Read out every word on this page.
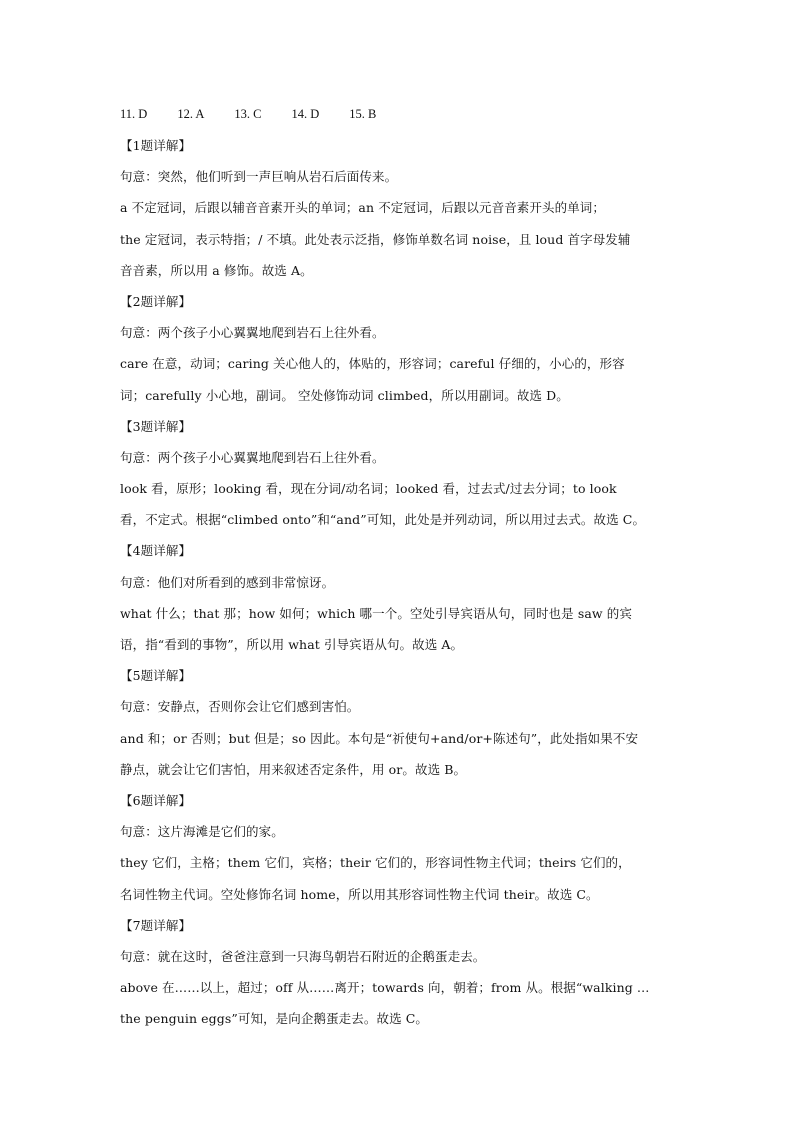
11. D 12. A 13. C 14. D 15. B
【1题详解】
句意：突然，他们听到一声巨响从岩石后面传来。
a 不定冠词，后跟以辅音音素开头的单词；an 不定冠词，后跟以元音音素开头的单词；
the 定冠词，表示特指；/ 不填。此处表示泛指，修饰单数名词 noise，且 loud 首字母发辅
音音素，所以用 a 修饰。故选 A。
【2题详解】
句意：两个孩子小心翼翼地爬到岩石上往外看。
care 在意，动词；caring 关心他人的，体贴的，形容词；careful 仔细的，小心的，形容
词；carefully 小心地，副词。 空处修饰动词 climbed，所以用副词。故选 D。
【3题详解】
句意：两个孩子小心翼翼地爬到岩石上往外看。
look 看，原形；looking 看，现在分词/动名词；looked 看，过去式/过去分词；to look
看，不定式。根据“climbed onto”和“and”可知，此处是并列动词，所以用过去式。故选 C。
【4题详解】
句意：他们对所看到的感到非常惊讶。
what 什么；that 那；how 如何；which 哪一个。空处引导宾语从句，同时也是 saw 的宾
语，指“看到的事物”，所以用 what 引导宾语从句。故选 A。
【5题详解】
句意：安静点，否则你会让它们感到害怕。
and 和；or 否则；but 但是；so 因此。本句是“祈使句+and/or+陈述句”，此处指如果不安
静点，就会让它们害怕，用来叙述否定条件，用 or。故选 B。
【6题详解】
句意：这片海滩是它们的家。
they 它们，主格；them 它们，宾格；their 它们的，形容词性物主代词；theirs 它们的，
名词性物主代词。空处修饰名词 home，所以用其形容词性物主代词 their。故选 C。
【7题详解】
句意：就在这时，爸爸注意到一只海鸟朝岩石附近的企鹅蛋走去。
above 在……以上，超过；off 从……离开；towards 向，朝着；from 从。根据“walking …
the penguin eggs”可知，是向企鹅蛋走去。故选 C。
